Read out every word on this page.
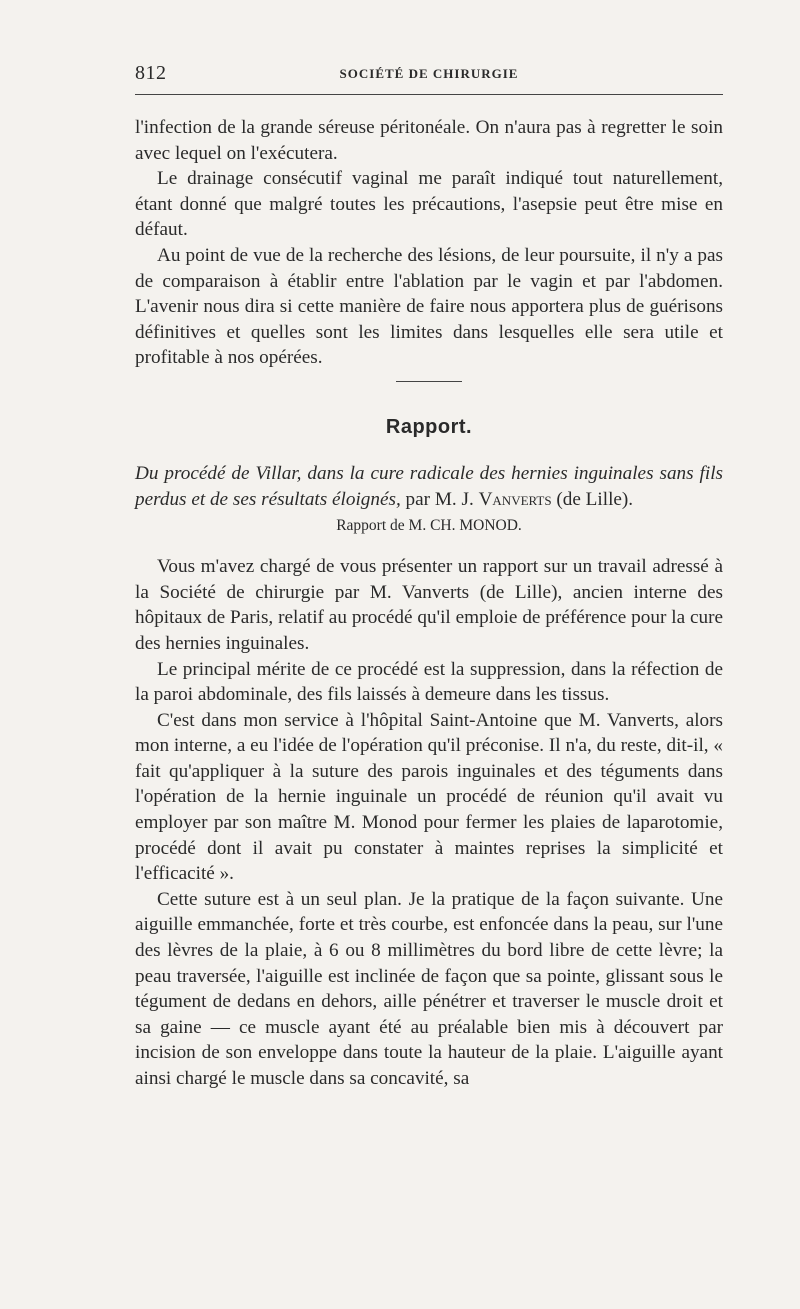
812	SOCIÉTÉ DE CHIRURGIE

l'infection de la grande séreuse péritonéale. On n'aura pas à regretter le soin avec lequel on l'exécutera.

Le drainage consécutif vaginal me paraît indiqué tout naturellement, étant donné que malgré toutes les précautions, l'asepsie peut être mise en défaut.

Au point de vue de la recherche des lésions, de leur poursuite, il n'y a pas de comparaison à établir entre l'ablation par le vagin et par l'abdomen. L'avenir nous dira si cette manière de faire nous apportera plus de guérisons définitives et quelles sont les limites dans lesquelles elle sera utile et profitable à nos opérées.

Rapport.
Du procédé de Villar, dans la cure radicale des hernies inguinales sans fils perdus et de ses résultats éloignés, par M. J. Vanverts (de Lille).
Rapport de M. CH. MONOD.

Vous m'avez chargé de vous présenter un rapport sur un travail adressé à la Société de chirurgie par M. Vanverts (de Lille), ancien interne des hôpitaux de Paris, relatif au procédé qu'il emploie de préférence pour la cure des hernies inguinales.

Le principal mérite de ce procédé est la suppression, dans la réfection de la paroi abdominale, des fils laissés à demeure dans les tissus.

C'est dans mon service à l'hôpital Saint-Antoine que M. Vanverts, alors mon interne, a eu l'idée de l'opération qu'il préconise. Il n'a, du reste, dit-il, « fait qu'appliquer à la suture des parois inguinales et des téguments dans l'opération de la hernie inguinale un procédé de réunion qu'il avait vu employer par son maître M. Monod pour fermer les plaies de laparotomie, procédé dont il avait pu constater à maintes reprises la simplicité et l'efficacité ».

Cette suture est à un seul plan. Je la pratique de la façon suivante. Une aiguille emmanchée, forte et très courbe, est enfoncée dans la peau, sur l'une des lèvres de la plaie, à 6 ou 8 millimètres du bord libre de cette lèvre; la peau traversée, l'aiguille est inclinée de façon que sa pointe, glissant sous le tégument de dedans en dehors, aille pénétrer et traverser le muscle droit et sa gaine — ce muscle ayant été au préalable bien mis à découvert par incision de son enveloppe dans toute la hauteur de la plaie. L'aiguille ayant ainsi chargé le muscle dans sa concavité, sa
